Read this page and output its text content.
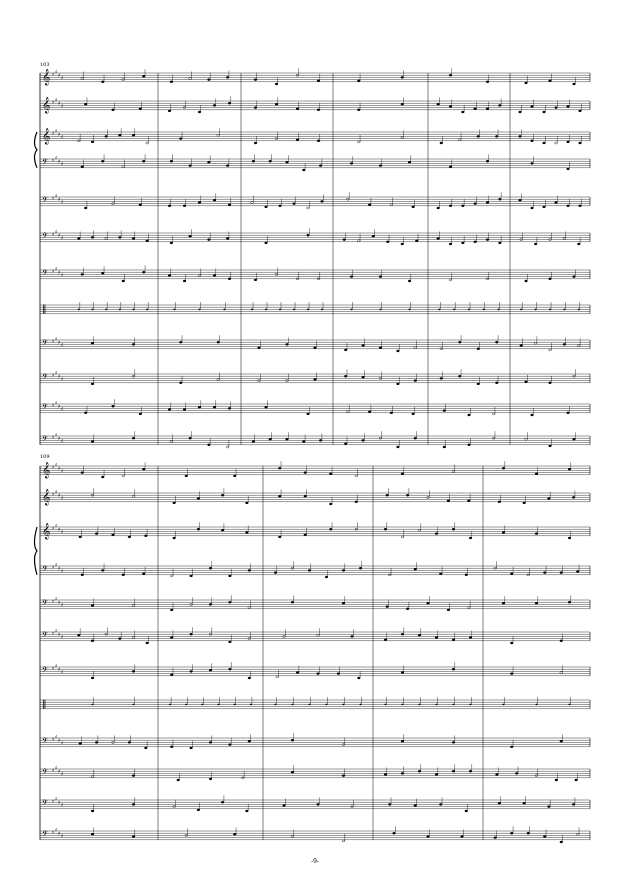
103
109
𝄞 ♯ ♯
♯ ♯
𝄞 ♯ ♯
♯ ♯
𝄞 ♯ ♯
♯ ♯
𝄢 ♯ ♯
♯ ♯
𝄢 ♯ ♯
♯ ♯
𝄢 ♯ ♯
♯ ♯
𝄢 ♯ ♯
♯ ♯
‖
𝄢 ♯ ♯
♯ ♯
𝄢 ♯ ♯
♯ ♯
𝄢 ♯ ♯
♯ ♯
𝄢 ♯ ♯
♯ ♯
𝄞 ♯ ♯
♯ ♯
𝄞 ♯ ♯
♯ ♯
𝄞 ♯ ♯
♯ ♯
𝄢 ♯ ♯
♯ ♯
𝄢 ♯ ♯
♯ ♯
𝄢 ♯ ♯
♯ ♯
𝄢 ♯ ♯
♯ ♯
‖
𝄢 ♯ ♯
♯ ♯
𝄢 ♯ ♯
♯ ♯
𝄢 ♯ ♯
♯ ♯
𝄢 ♯ ♯
♯ ♯
-9-
